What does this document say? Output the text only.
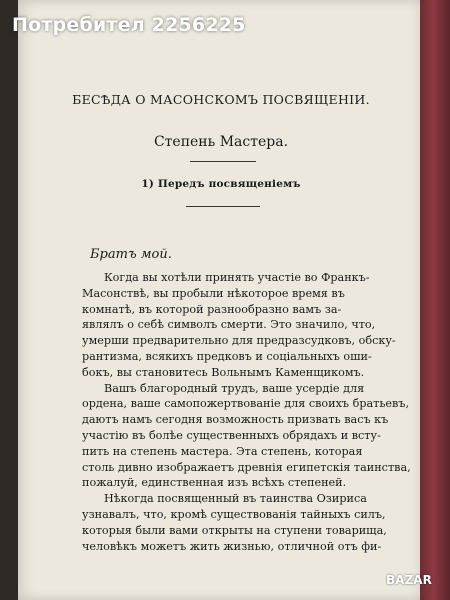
БЕСѢДА О МАСОНСКОМЪ ПОСВЯЩЕНІИ.
Степень Мастера.
1) Передъ посвященіемъ
Братъ мой.
Когда вы хотѣли принять участіе во Франкъ-
Масонствѣ, вы пробыли нѣкоторое время въ
комнатѣ, въ которой разнообразно вамъ за-
являлъ о себѣ символъ смерти. Это значило, что,
умерши предварительно для предразсудковъ, обску-
рантизма, всякихъ предковъ и соціальныхъ оши-
бокъ, вы становитесь Вольнымъ Каменщикомъ.
Вашъ благородный трудъ, ваше усердіе для
ордена, ваше самопожертвованіе для своихъ братьевъ,
даютъ намъ сегодня возможность призвать васъ къ
участію въ болѣе существенныхъ обрядахъ и всту-
пить на степень мастера. Эта степень, которая
столь дивно изображаетъ древнія египетскія таинства,
пожалуй, единственная изъ всѣхъ степеней.
Нѣкогда посвященный въ таинства Озириса
узнавалъ, что, кромѣ существованія тайныхъ силъ,
которыя были вами открыты на ступени товарища,
человѣкъ можетъ жить жизнью, отличной отъ фи-
Потребител 2256225
BAZAR
